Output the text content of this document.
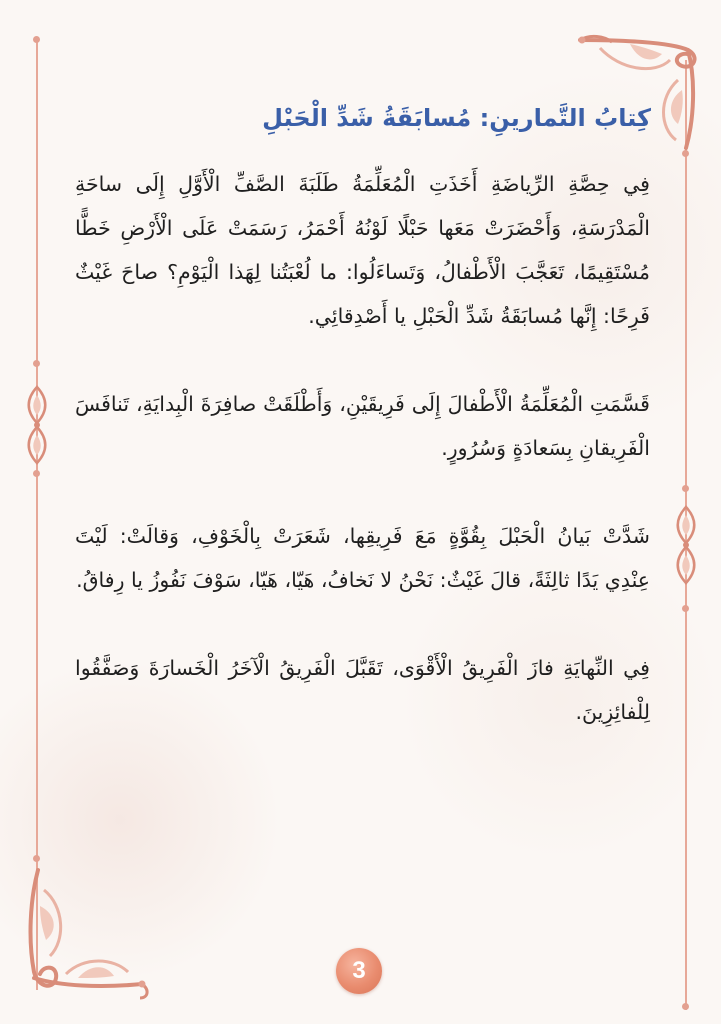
كِتابُ التَّمارينِ: مُسابَقَةُ شَدِّ الْحَبْلِ

فِي حِصَّةِ الرِّياضَةِ أَخَذَتِ الْمُعَلِّمَةُ طَلَبَةَ الصَّفِّ الْأَوَّلِ إِلَى ساحَةِ الْمَدْرَسَةِ، وَأَحْضَرَتْ مَعَها حَبْلًا لَوْنُهُ أَحْمَرُ، رَسَمَتْ عَلَى الْأَرْضِ خَطًّا مُسْتَقِيمًا، تَعَجَّبَ الْأَطْفالُ، وَتَساءَلُوا: ما لُعْبَتُنا لِهَذا الْيَوْمِ؟ صاحَ غَيْثٌ فَرِحًا: إِنَّها مُسابَقَةُ شَدِّ الْحَبْلِ يا أَصْدِقائِي.

قَسَّمَتِ الْمُعَلِّمَةُ الْأَطْفالَ إِلَى فَرِيقَيْنِ، وَأَطْلَقَتْ صافِرَةَ الْبِدايَةِ، تَنافَسَ الْفَرِيقانِ بِسَعادَةٍ وَسُرُورٍ.

شَدَّتْ بَيانُ الْحَبْلَ بِقُوَّةٍ مَعَ فَرِيقِها، شَعَرَتْ بِالْخَوْفِ، وَقالَتْ: لَيْتَ عِنْدِي يَدًا ثالِثَةً، قالَ غَيْثٌ: نَحْنُ لا نَخافُ، هَيّا، هَيّا، سَوْفَ نَفُوزُ يا رِفاقُ.

فِي النِّهايَةِ فازَ الْفَرِيقُ الْأَقْوَى، تَقَبَّلَ الْفَرِيقُ الْآخَرُ الْخَسارَةَ وَصَفَّقُوا لِلْفائِزِينَ.

3
